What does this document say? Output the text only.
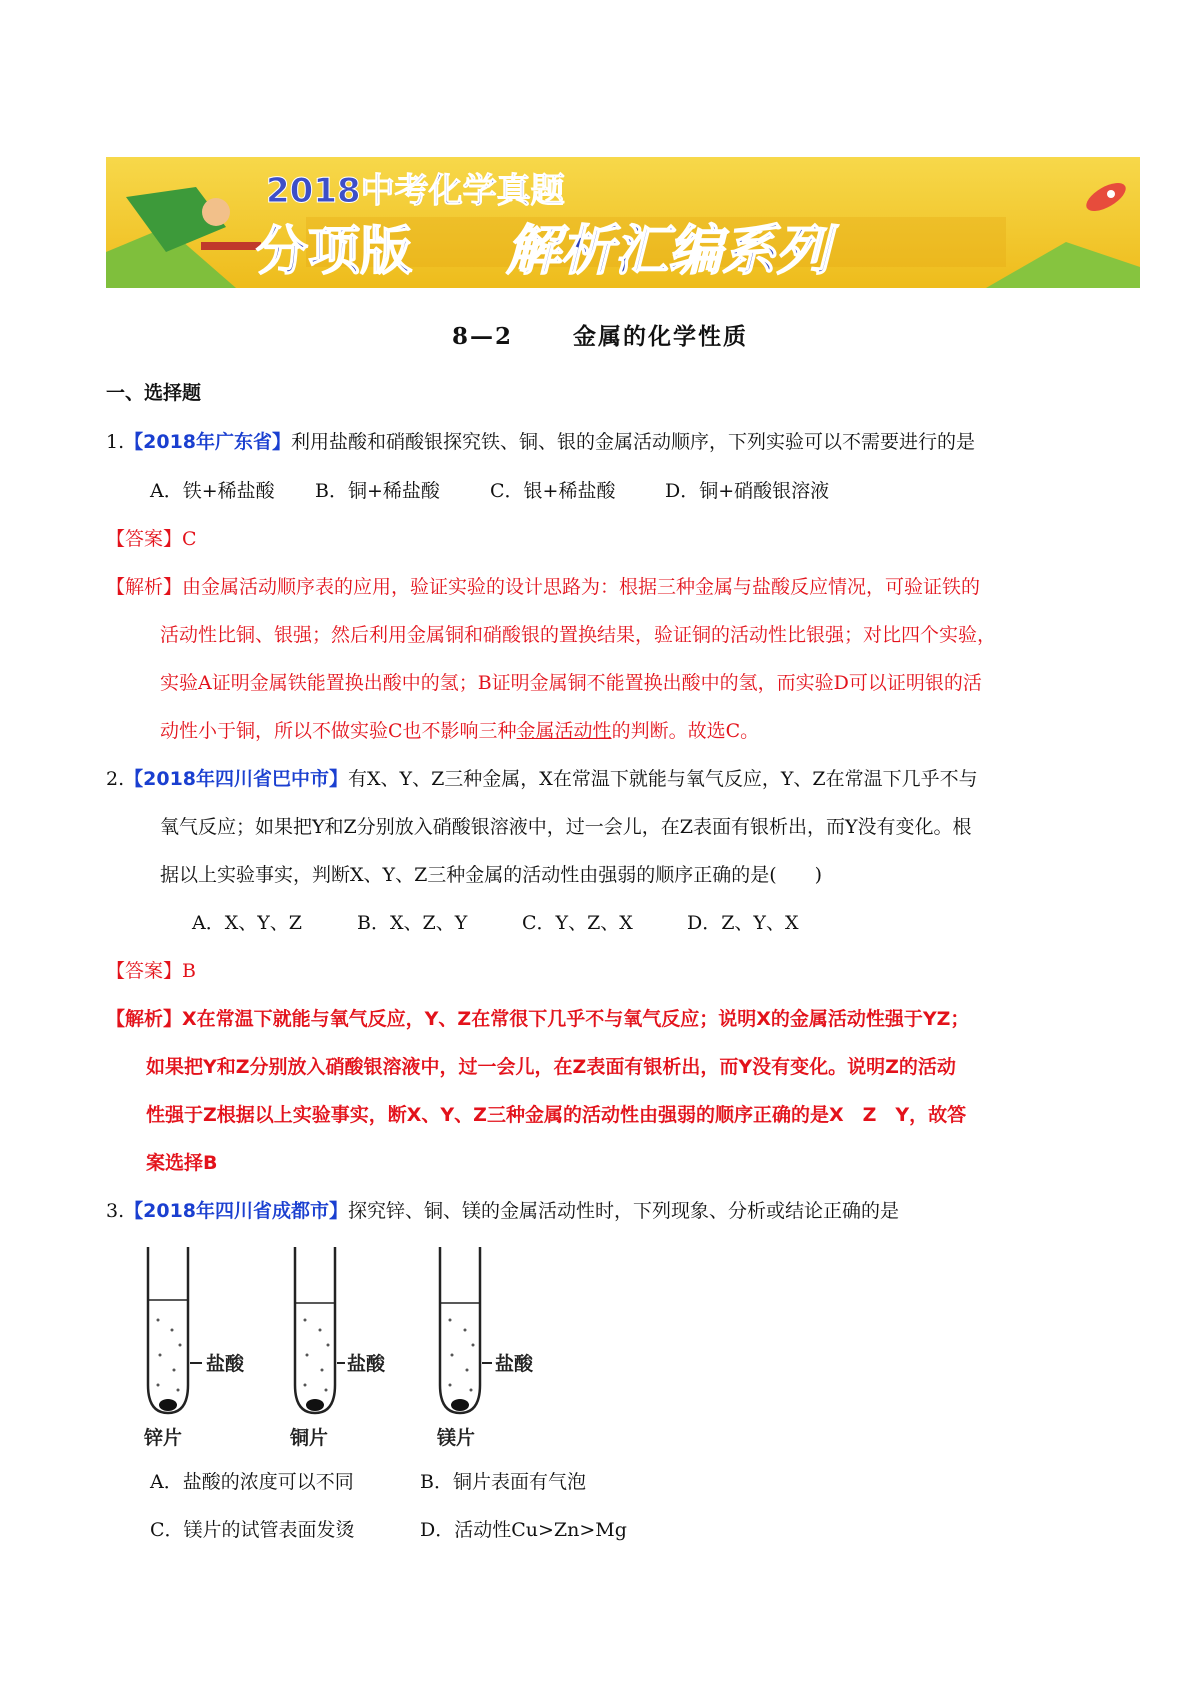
2018中考化学真题
分项版 解析汇编系列
8—2	金属的化学性质
一、选择题
1.【2018年广东省】利用盐酸和硝酸银探究铁、铜、银的金属活动顺序，下列实验可以不需要进行的是
A．铁+稀盐酸 B．铜+稀盐酸	C．银+稀盐酸	D．铜+硝酸银溶液
【答案】C
【解析】由金属活动顺序表的应用，验证实验的设计思路为：根据三种金属与盐酸反应情况，可验证铁的
活动性比铜、银强；然后利用金属铜和硝酸银的置换结果，验证铜的活动性比银强；对比四个实验，
实验A证明金属铁能置换出酸中的氢；B证明金属铜不能置换出酸中的氢，而实验D可以证明银的活
动性小于铜，所以不做实验C也不影响三种金属活动性的判断。故选C。
2.【2018年四川省巴中市】有X、Y、Z三种金属，X在常温下就能与氧气反应，Y、Z在常温下几乎不与
氧气反应；如果把Y和Z分别放入硝酸银溶液中，过一会儿，在Z表面有银析出，而Y没有变化。根
据以上实验事实，判断X、Y、Z三种金属的活动性由强弱的顺序正确的是(　　)
A．X、Y、Z	B．X、Z、Y	C．Y、Z、X	D．Z、Y、X
【答案】B
【解析】X在常温下就能与氧气反应，Y、Z在常很下几乎不与氧气反应；说明X的金属活动性强于YZ；
如果把Y和Z分别放入硝酸银溶液中，过一会儿，在Z表面有银析出，而Y没有变化。说明Z的活动
性强于Z根据以上实验事实，断X、Y、Z三种金属的活动性由强弱的顺序正确的是X　Z　Y，故答
案选择B
3.【2018年四川省成都市】探究锌、铜、镁的金属活动性时，下列现象、分析或结论正确的是
盐酸	盐酸	盐酸
锌片	铜片	镁片
A．盐酸的浓度可以不同	B．铜片表面有气泡
C．镁片的试管表面发烫	D．活动性Cu>Zn>Mg
